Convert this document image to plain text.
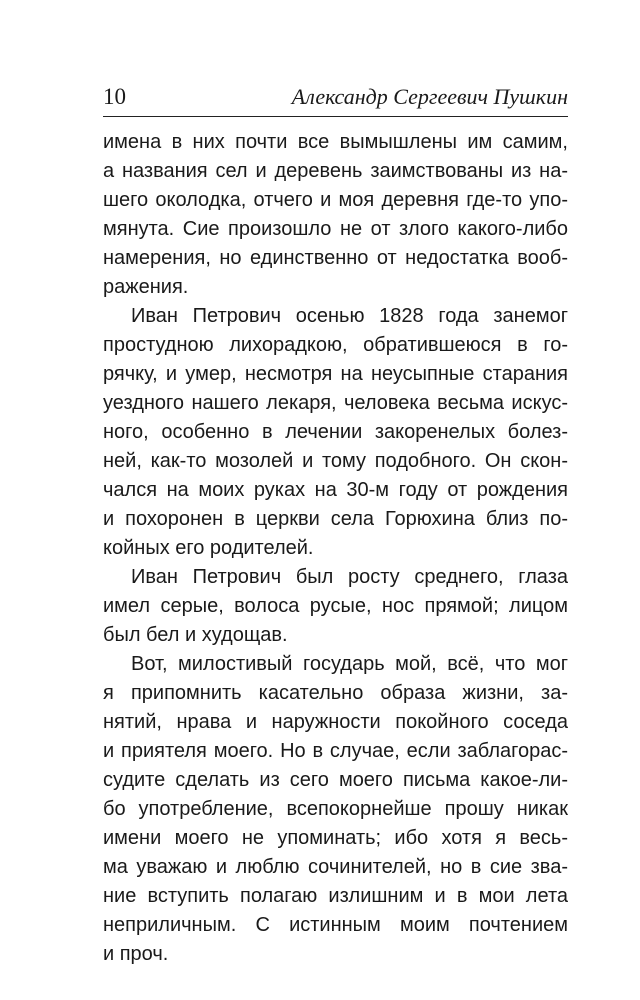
10	Александр Сергеевич Пушкин
имена в них почти все вымышлены им самим,
а названия сел и деревень заимствованы из на-
шего околодка, отчего и моя деревня где-то упо-
мянута. Сие произошло не от злого какого-либо
намерения, но единственно от недостатка вооб-
ражения.
Иван Петрович осенью 1828 года занемог
простудною лихорадкою, обратившеюся в го-
рячку, и умер, несмотря на неусыпные старания
уездного нашего лекаря, человека весьма искус-
ного, особенно в лечении закоренелых болез-
ней, как-то мозолей и тому подобного. Он скон-
чался на моих руках на 30-м году от рождения
и похоронен в церкви села Горюхина близ по-
койных его родителей.
Иван Петрович был росту среднего, глаза
имел серые, волоса русые, нос прямой; лицом
был бел и худощав.
Вот, милостивый государь мой, всё, что мог
я припомнить касательно образа жизни, за-
нятий, нрава и наружности покойного соседа
и приятеля моего. Но в случае, если заблагорас-
судите сделать из сего моего письма какое-ли-
бо употребление, всепокорнейше прошу никак
имени моего не упоминать; ибо хотя я весь-
ма уважаю и люблю сочинителей, но в сие зва-
ние вступить полагаю излишним и в мои лета
неприличным. С истинным моим почтением
и проч.
